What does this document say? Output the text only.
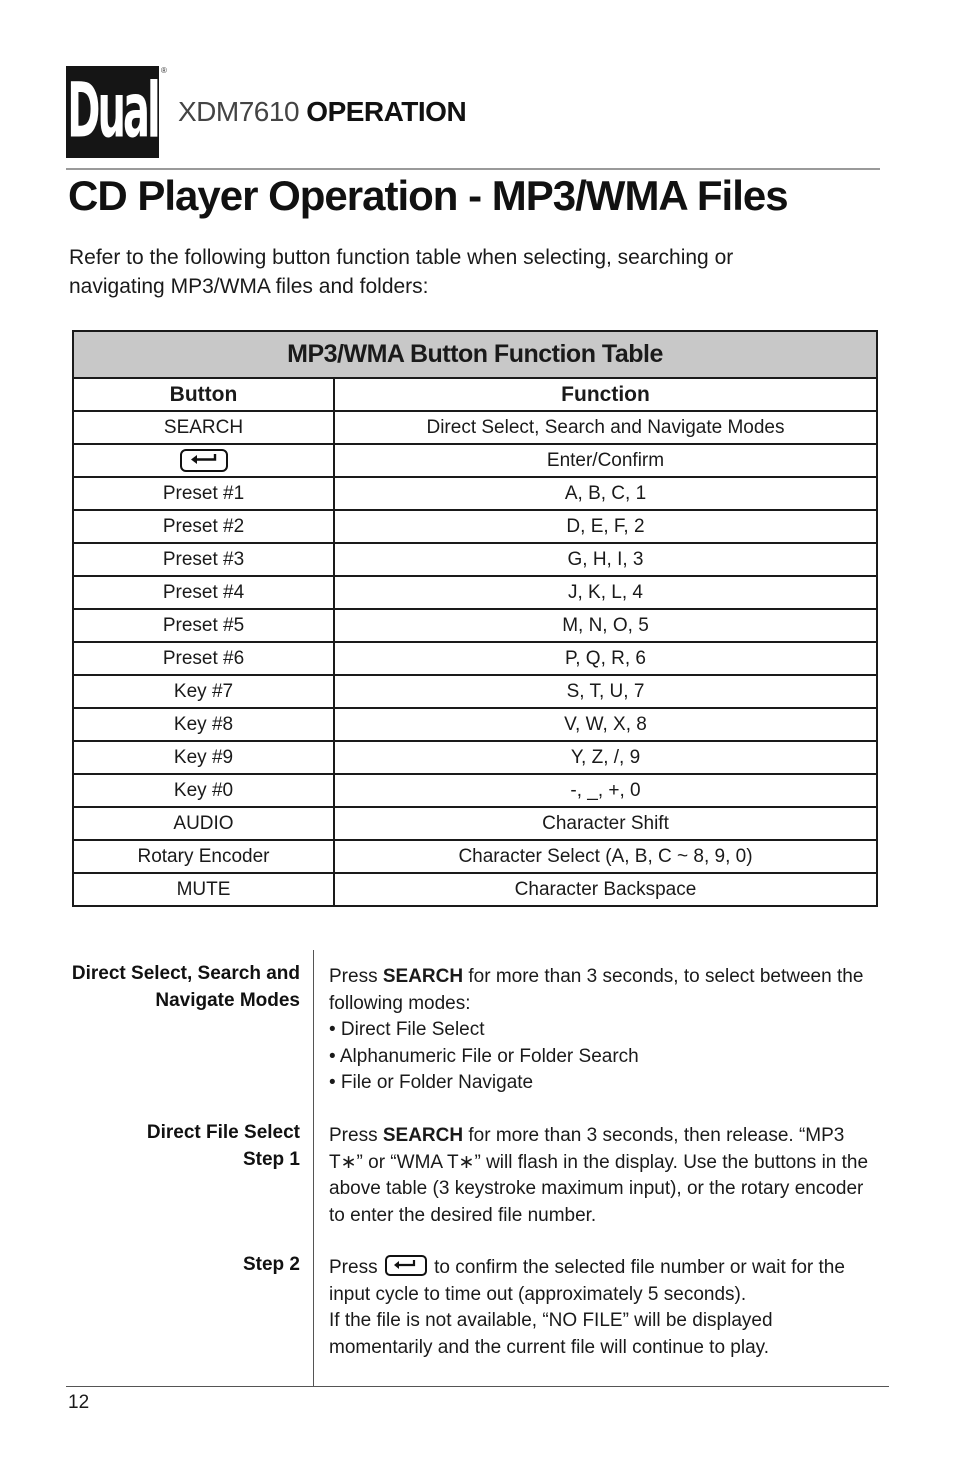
Dual ®
XDM7610 OPERATION
CD Player Operation - MP3/WMA Files
Refer to the following button function table when selecting, searching or navigating MP3/WMA files and folders:
MP3/WMA Button Function Table	
Button	Function
SEARCH	Direct Select, Search and Navigate Modes

	Enter/Confirm
Preset #1	A, B, C, 1
Preset #2	D, E, F, 2
Preset #3	G, H, I, 3
Preset #4	J, K, L, 4
Preset #5	M, N, O, 5
Preset #6	P, Q, R, 6
Key #7	S, T, U, 7
Key #8	V, W, X, 8
Key #9	Y, Z, /, 9
Key #0	-, _, +, 0
AUDIO	Character Shift
Rotary Encoder	Character Select (A, B, C ~ 8, 9, 0)
MUTE	Character Backspace
Direct Select, Search and
Navigate Modes
Press SEARCH for more than 3 seconds, to select between the following modes:
• Direct File Select
• Alphanumeric File or Folder Search
• File or Folder Navigate
Direct File Select
Step 1
Press SEARCH for more than 3 seconds, then release. “MP3 T∗” or “WMA T∗” will flash in the display. Use the buttons in the above table (3 keystroke maximum input), or the rotary encoder to enter the desired file number.
Step 2 Press
to confirm the selected file number or wait for the input cycle to time out (approximately 5 seconds).
If the file is not available, “NO FILE” will be displayed momentarily and the current file will continue to play.
12
